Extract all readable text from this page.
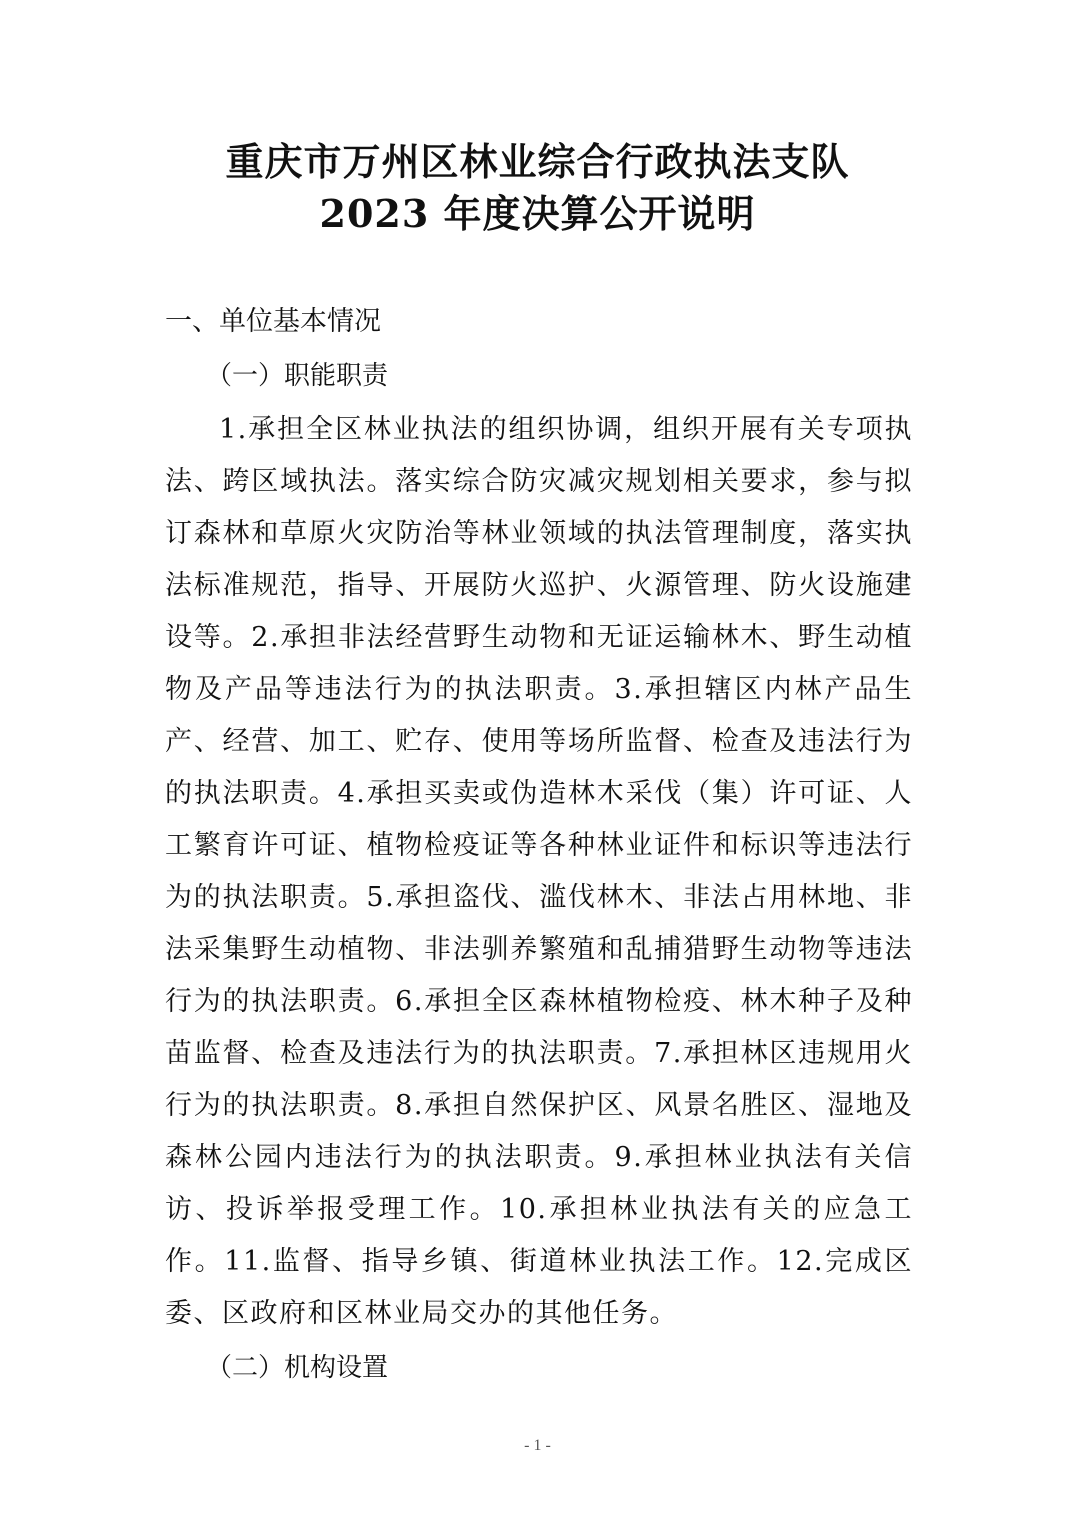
重庆市万州区林业综合行政执法支队
2023 年度决算公开说明
一、单位基本情况
（一）职能职责

1.承担全区林业执法的组织协调，组织开展有关专项执法、跨区域执法。落实综合防灾减灾规划相关要求，参与拟订森林和草原火灾防治等林业领域的执法管理制度，落实执法标准规范，指导、开展防火巡护、火源管理、防火设施建设等。2.承担非法经营野生动物和无证运输林木、野生动植物及产品等违法行为的执法职责。3.承担辖区内林产品生产、经营、加工、贮存、使用等场所监督、检查及违法行为的执法职责。4.承担买卖或伪造林木采伐（集）许可证、人工繁育许可证、植物检疫证等各种林业证件和标识等违法行为的执法职责。5.承担盗伐、滥伐林木、非法占用林地、非法采集野生动植物、非法驯养繁殖和乱捕猎野生动物等违法行为的执法职责。6.承担全区森林植物检疫、林木种子及种苗监督、检查及违法行为的执法职责。7.承担林区违规用火行为的执法职责。8.承担自然保护区、风景名胜区、湿地及森林公园内违法行为的执法职责。9.承担林业执法有关信访、投诉举报受理工作。10.承担林业执法有关的应急工作。11.监督、指导乡镇、街道林业执法工作。12.完成区委、区政府和区林业局交办的其他任务。

（二）机构设置
- 1 -
